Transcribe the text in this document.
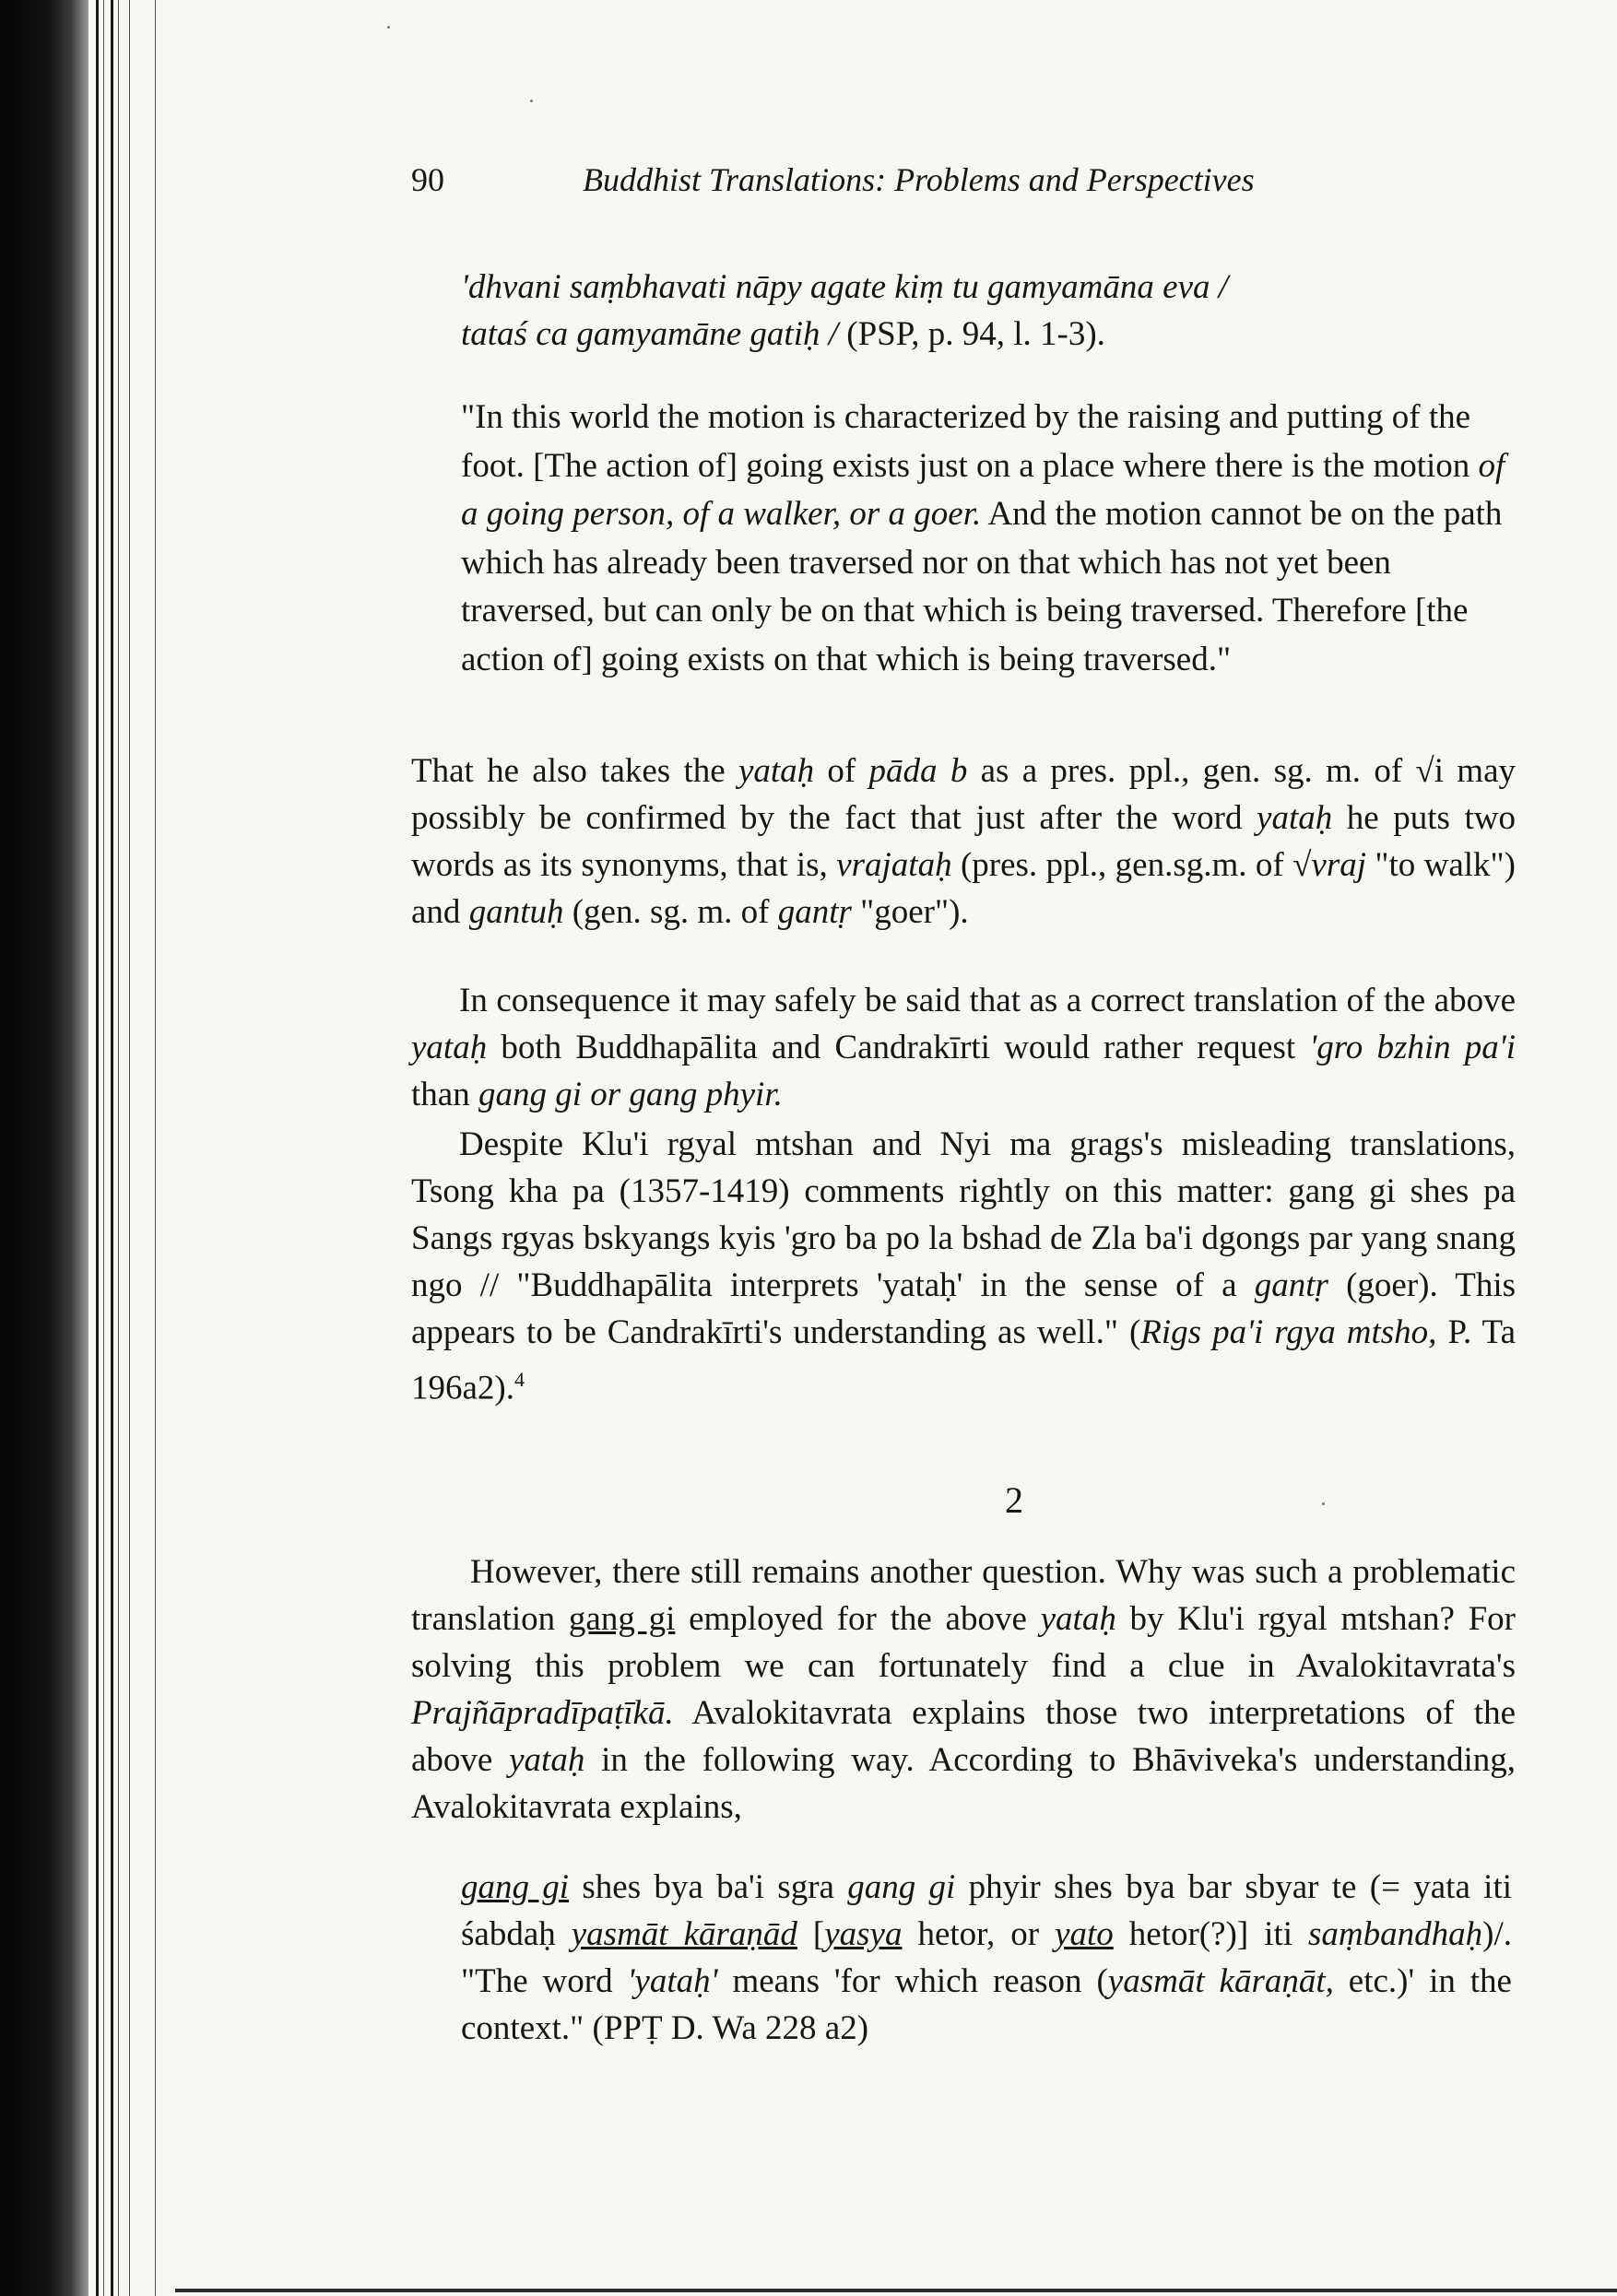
90	Buddhist Translations: Problems and Perspectives
'dhvani saṃbhavati nāpy agate kiṃ tu gamyamāna eva /
tataś ca gamyamāne gatiḥ / (PSP, p. 94, l. 1-3).
"In this world the motion is characterized by the raising and putting of the foot. [The action of] going exists just on a place where there is the motion of a going person, of a walker, or a goer. And the motion cannot be on the path which has already been traversed nor on that which has not yet been traversed, but can only be on that which is being traversed. Therefore [the action of] going exists on that which is being traversed."
That he also takes the yataḥ of pāda b as a pres. ppl., gen. sg. m. of √i may possibly be confirmed by the fact that just after the word yataḥ he puts two words as its synonyms, that is, vrajataḥ (pres. ppl., gen.sg.m. of √vraj "to walk") and gantuḥ (gen. sg. m. of gantṛ "goer").
In consequence it may safely be said that as a correct translation of the above yataḥ both Buddhapālita and Candrakīrti would rather request 'gro bzhin pa'i than gang gi or gang phyir.
Despite Klu'i rgyal mtshan and Nyi ma grags's misleading translations, Tsong kha pa (1357-1419) comments rightly on this matter: gang gi shes pa Sangs rgyas bskyangs kyis 'gro ba po la bshad de Zla ba'i dgongs par yang snang ngo // "Buddhapālita interprets 'yataḥ' in the sense of a gantṛ (goer). This appears to be Candrakīrti's understanding as well." (Rigs pa'i rgya mtsho, P. Ta 196a2).$^4$
2
However, there still remains another question. Why was such a problematic translation gang gi employed for the above yataḥ by Klu'i rgyal mtshan? For solving this problem we can fortunately find a clue in Avalokitavrata's Prajñāpradīpaṭīkā. Avalokitavrata explains those two interpretations of the above yataḥ in the following way. According to Bhāviveka's understanding, Avalokitavrata explains,
gang gi shes bya ba'i sgra gang gi phyir shes bya bar sbyar te (= yata iti śabdaḥ yasmāt kāraṇād [yasya hetor, or yato hetor(?)] iti saṃbandhaḥ)/. "The word 'yataḥ' means 'for which reason (yasmāt kāraṇāt, etc.)' in the context." (PPṬ D. Wa 228 a2)
